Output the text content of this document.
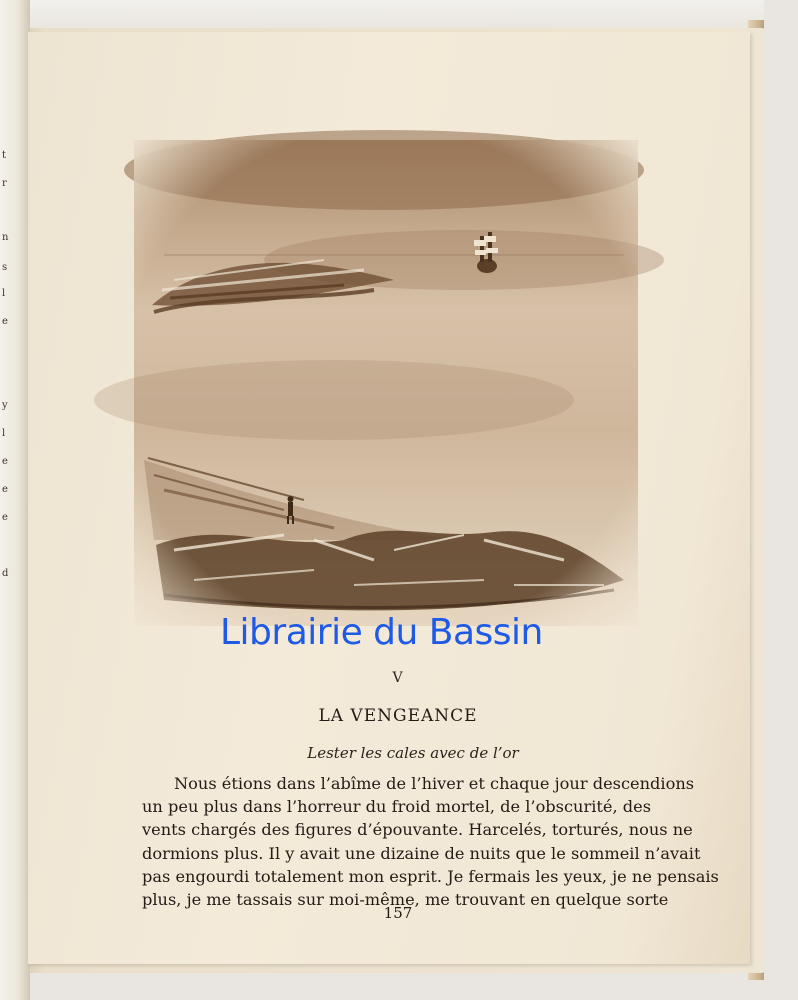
t
r
n
s
l
e
y
l
e
e
e
d
V
LA VENGEANCE
Lester les cales avec de l’or
Nous étions dans l’abîme de l’hiver et chaque jour descendions
un peu plus dans l’horreur du froid mortel, de l’obscurité, des
vents chargés des figures d’épouvante. Harcelés, torturés, nous ne
dormions plus. Il y avait une dizaine de nuits que le sommeil n’avait
pas engourdi totalement mon esprit. Je fermais les yeux, je ne pensais
plus, je me tassais sur moi-même, me trouvant en quelque sorte
157
Librairie du Bassin
